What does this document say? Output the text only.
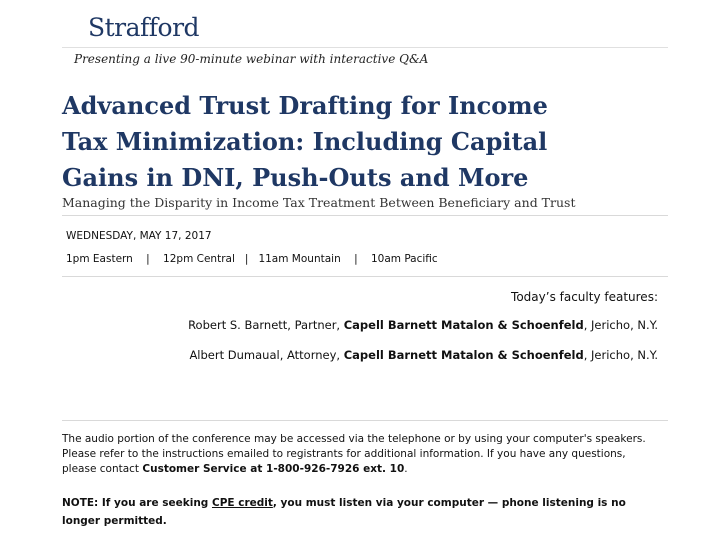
Strafford
Presenting a live 90-minute webinar with interactive Q&A
Advanced Trust Drafting for Income
Tax Minimization: Including Capital
Gains in DNI, Push-Outs and More
Managing the Disparity in Income Tax Treatment Between Beneficiary and Trust
WEDNESDAY, MAY 17, 2017
1pm Eastern    |    12pm Central   |   11am Mountain    |    10am Pacific
Today’s faculty features:
Robert S. Barnett, Partner, Capell Barnett Matalon & Schoenfeld, Jericho, N.Y.
Albert Dumaual, Attorney, Capell Barnett Matalon & Schoenfeld, Jericho, N.Y.
The audio portion of the conference may be accessed via the telephone or by using your computer's speakers. Please refer to the instructions emailed to registrants for additional information. If you have any questions, please contact Customer Service at 1-800-926-7926 ext. 10.
NOTE: If you are seeking CPE credit, you must listen via your computer — phone listening is no longer permitted.
